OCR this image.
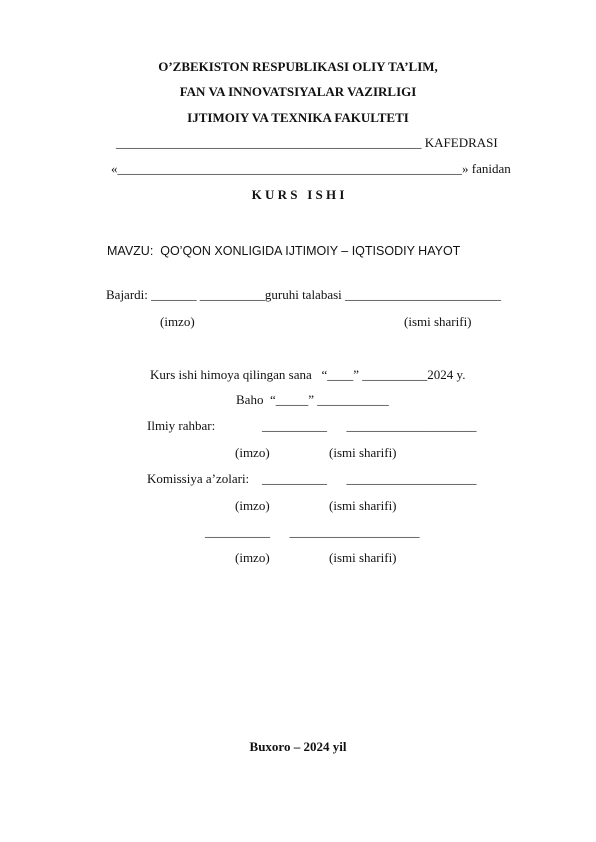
O’ZBEKISTON RESPUBLIKASI OLIY TA’LIM,
FAN VA INNOVATSIYALAR VAZIRLIGI
IJTIMOIY VA TEXNIKA FAKULTETI
_______________________________________________ KAFEDRASI
«_____________________________________________________» fanidan
K U R S   I S H I
MAVZU:  QO’QON XONLIGIDA IJTIMOIY – IQTISODIY HAYOT
Bajardi: _______ __________guruhi talabasi ________________________
(imzo)	(ismi sharifi)
Kurs ishi himoya qilingan sana   “____” __________2024 y.
Baho  “_____” ___________
Ilmiy rahbar:	__________      ____________________
(imzo)	(ismi sharifi)
Komissiya a’zolari: __________      ____________________
(imzo)	(ismi sharifi)
__________      ____________________
(imzo)	(ismi sharifi)
Buxoro – 2024 yil
